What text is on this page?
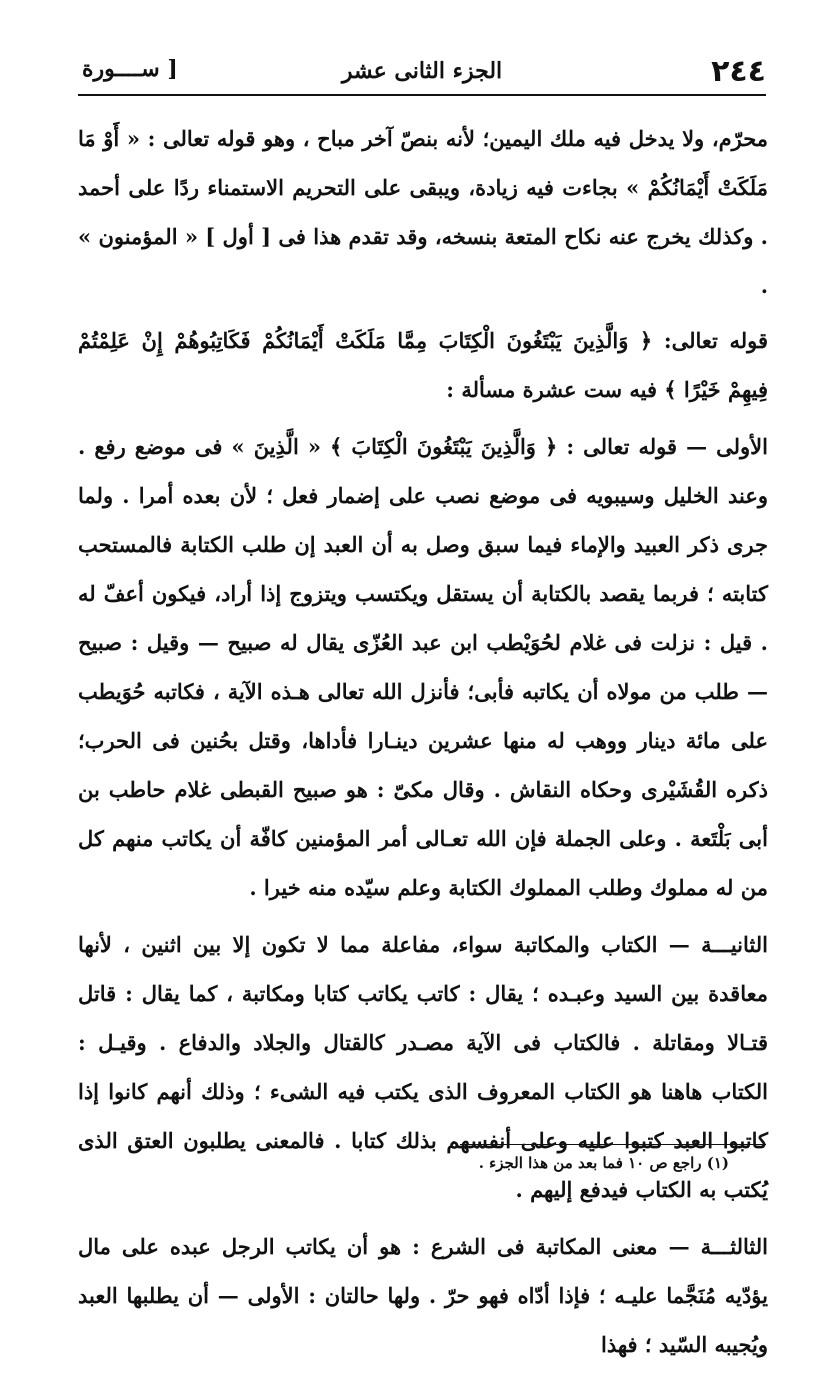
٢٤٤
الجزء الثانى عشر
[ ســــورة

محرّم، ولا يدخل فيه ملك اليمين؛ لأنه بنصّ آخر مباح ، وهو قوله تعالى : « أَوْ مَا مَلَكَتْ أَيْمَانُكُمْ » بجاءت فيه زيادة، ويبقى على التحريم الاستمناء ردًا على أحمد . وكذلك يخرج عنه نكاح المتعة بنسخه، وقد تقدم هذا فى [ أول ] « المؤمنون » .

قوله تعالى: ﴿ وَالَّذِينَ يَبْتَغُونَ الْكِتَابَ مِمَّا مَلَكَتْ أَيْمَانُكُمْ فَكَاتِبُوهُمْ إِنْ عَلِمْتُمْ فِيهِمْ خَيْرًا ﴾ فيه ست عشرة مسألة :

الأولى — قوله تعالى : ﴿ وَالَّذِينَ يَبْتَغُونَ الْكِتَابَ ﴾ « الَّذِينَ » فى موضع رفع . وعند الخليل وسيبويه فى موضع نصب على إضمار فعل ؛ لأن بعده أمرا . ولما جرى ذكر العبيد والإماء فيما سبق وصل به أن العبد إن طلب الكتابة فالمستحب كتابته ؛ فربما يقصد بالكتابة أن يستقل ويكتسب ويتزوج إذا أراد، فيكون أعفّ له . قيل : نزلت فى غلام لحُوَيْطب ابن عبد العُزّى يقال له صبيح — وقيل : صبيح — طلب من مولاه أن يكاتبه فأبى؛ فأنزل الله تعالى هـذه الآية ، فكاتبه حُوَيطب على مائة دينار ووهب له منها عشرين دينـارا فأداها، وقتل بحُنين فى الحرب؛ ذكره القُشَيْرى وحكاه النقاش . وقال مكىّ : هو صبيح القبطى غلام حاطب بن أبى بَلْتَعة . وعلى الجملة فإن الله تعـالى أمر المؤمنين كافّة أن يكاتب منهم كل من له مملوك وطلب المملوك الكتابة وعلم سيّده منه خيرا .

الثانيـــة — الكتاب والمكاتبة سواء، مفاعلة مما لا تكون إلا بين اثنين ، لأنها معاقدة بين السيد وعبـده ؛ يقال : كاتب يكاتب كتابا ومكاتبة ، كما يقال : قاتل قتـالا ومقاتلة . فالكتاب فى الآية مصـدر كالقتال والجلاد والدفاع . وقيـل : الكتاب هاهنا هو الكتاب المعروف الذى يكتب فيه الشىء ؛ وذلك أنهم كانوا إذا كاتبوا العبد كتبوا عليه وعلى أنفسهم بذلك كتابا . فالمعنى يطلبون العتق الذى يُكتب به الكتاب فيدفع إليهم .

الثالثـــة — معنى المكاتبة فى الشرع : هو أن يكاتب الرجل عبده على مال يؤدّيه مُنَجَّما عليـه ؛ فإذا أدّاه فهو حرّ . ولها حالتان : الأولى — أن يطلبها العبد ويُجيبه السّيد ؛ فهذا

(١) راجع ص ١٠ فما بعد من هذا الجزء .
